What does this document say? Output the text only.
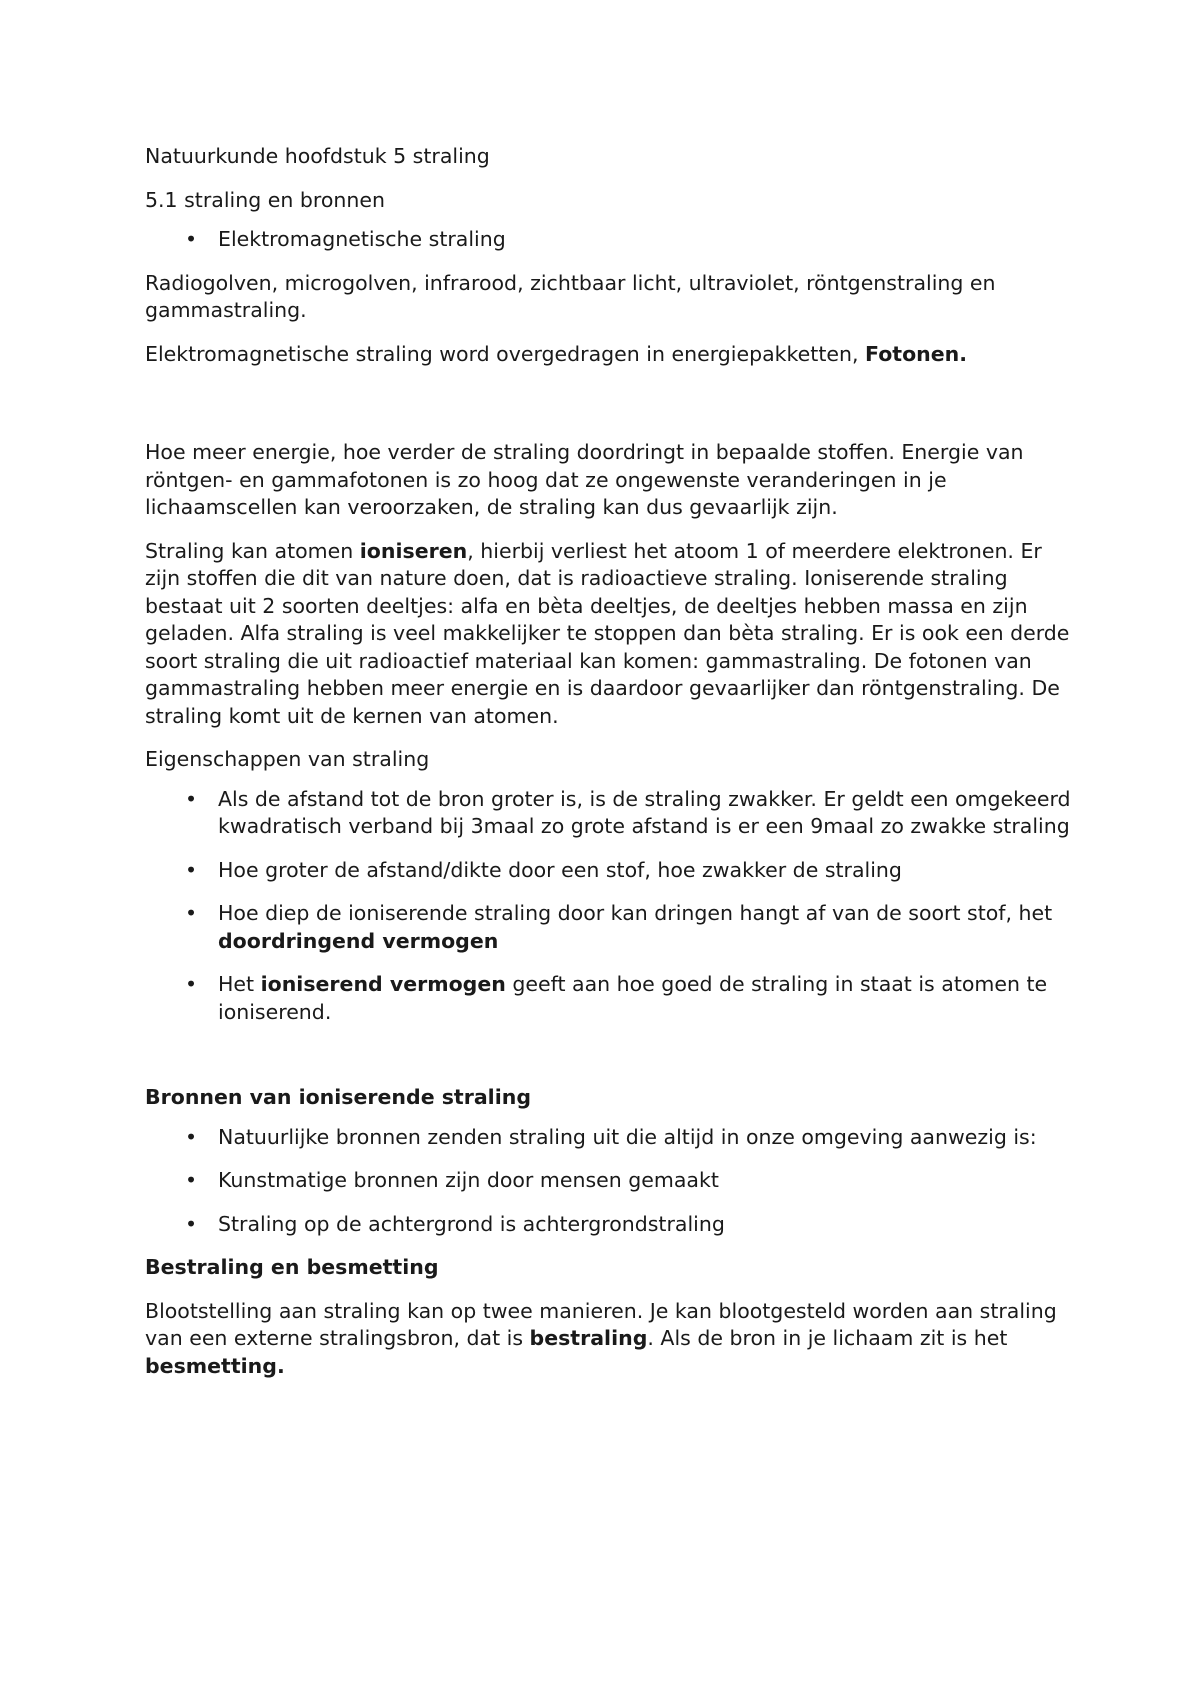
Natuurkunde hoofdstuk 5 straling

5.1 straling en bronnen

• Elektromagnetische straling

Radiogolven, microgolven, infrarood, zichtbaar licht, ultraviolet, röntgenstraling en gammastraling.

Elektromagnetische straling word overgedragen in energiepakketten, Fotonen.

Hoe meer energie, hoe verder de straling doordringt in bepaalde stoffen. Energie van röntgen- en gammafotonen is zo hoog dat ze ongewenste veranderingen in je lichaamscellen kan veroorzaken, de straling kan dus gevaarlijk zijn.

Straling kan atomen ioniseren, hierbij verliest het atoom 1 of meerdere elektronen. Er zijn stoffen die dit van nature doen, dat is radioactieve straling. Ioniserende straling bestaat uit 2 soorten deeltjes: alfa en bèta deeltjes, de deeltjes hebben massa en zijn geladen. Alfa straling is veel makkelijker te stoppen dan bèta straling. Er is ook een derde soort straling die uit radioactief materiaal kan komen: gammastraling. De fotonen van gammastraling hebben meer energie en is daardoor gevaarlijker dan röntgenstraling. De straling komt uit de kernen van atomen.

Eigenschappen van straling

• Als de afstand tot de bron groter is, is de straling zwakker. Er geldt een omgekeerd kwadratisch verband bij 3maal zo grote afstand is er een 9maal zo zwakke straling
• Hoe groter de afstand/dikte door een stof, hoe zwakker de straling
• Hoe diep de ioniserende straling door kan dringen hangt af van de soort stof, het doordringend vermogen
• Het ioniserend vermogen geeft aan hoe goed de straling in staat is atomen te ioniserend.

Bronnen van ioniserende straling

• Natuurlijke bronnen zenden straling uit die altijd in onze omgeving aanwezig is:
• Kunstmatige bronnen zijn door mensen gemaakt
• Straling op de achtergrond is achtergrondstraling

Bestraling en besmetting

Blootstelling aan straling kan op twee manieren. Je kan blootgesteld worden aan straling van een externe stralingsbron, dat is bestraling. Als de bron in je lichaam zit is het besmetting.
